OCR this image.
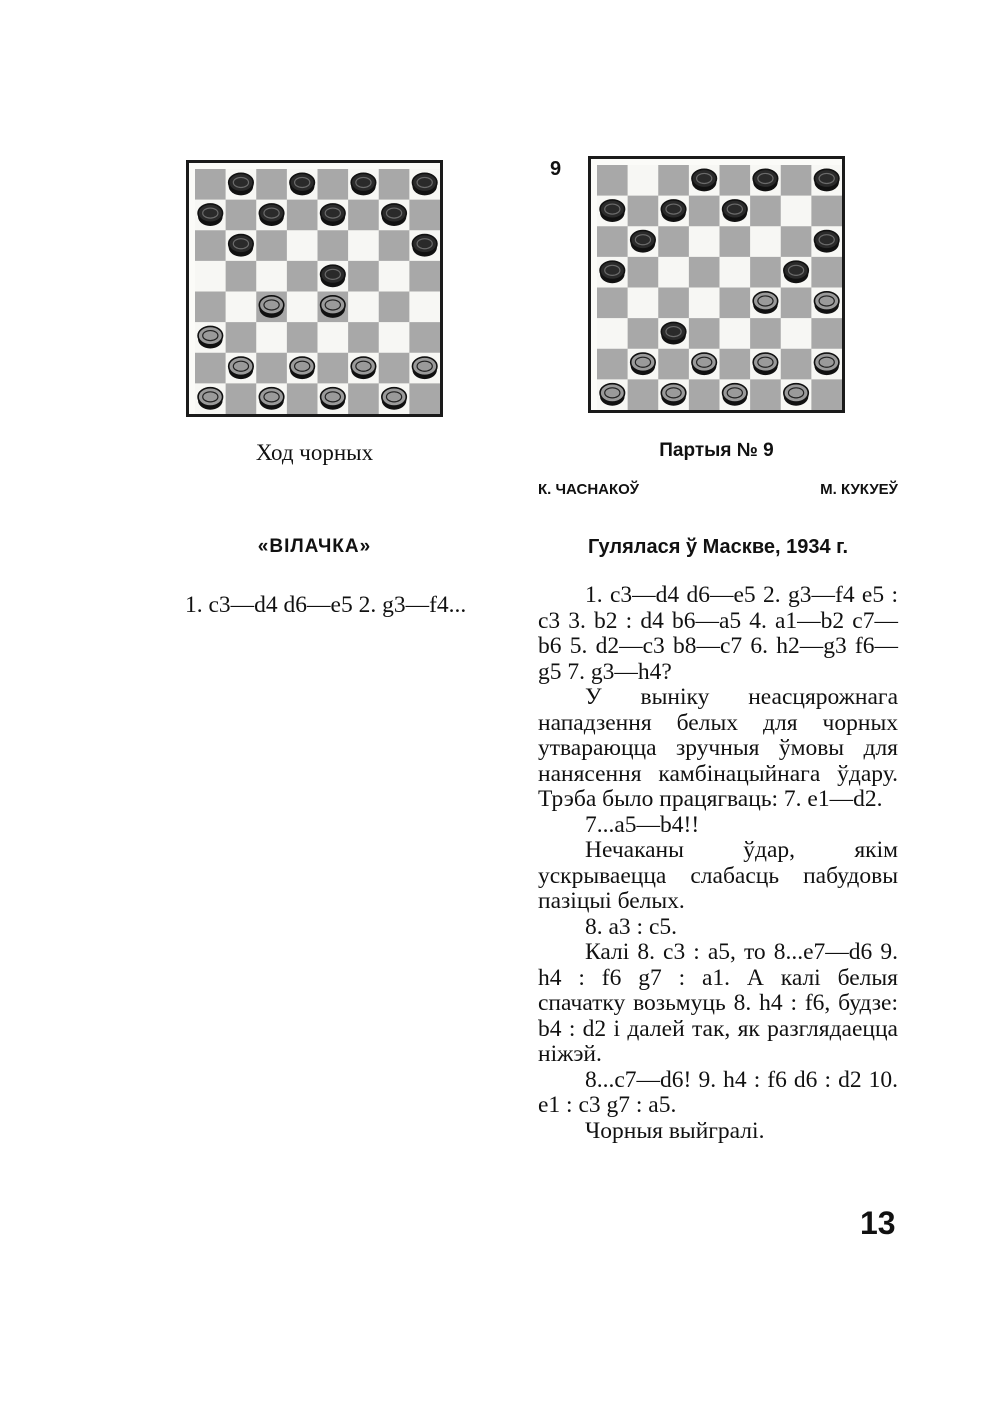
9
Ход чорных
«ВІЛАЧКА»

1. c3—d4 d6—e5 2. g3—f4...

Партыя № 9
К. ЧАСНАКОЎ	М. КУКУЕЎ
Гулялася ў Маскве, 1934 г.

1. c3—d4 d6—e5 2. g3—f4 e5 : c3 3. b2 : d4 b6—a5 4. a1—b2 c7—b6 5. d2—c3 b8—c7 6. h2—g3 f6—g5 7. g3—h4?

У выніку неасцярожнага нападзення белых для чорных утвараюцца зручныя ўмовы для нанясення камбінацыйнага ўдару. Трэба было працягваць: 7. e1—d2.

7...a5—b4!!

Нечаканы ўдар, якім ускрываецца слабасць пабудовы пазіцыі белых.

8. a3 : c5.

Калі 8. c3 : a5, то 8...e7—d6 9. h4 : f6 g7 : a1. А калі белыя спачатку возьмуць 8. h4 : f6, будзе: b4 : d2 і далей так, як разглядаецца ніжэй.

8...c7—d6! 9. h4 : f6 d6 : d2 10. e1 : c3 g7 : a5.

Чорныя выйгралі.

13
